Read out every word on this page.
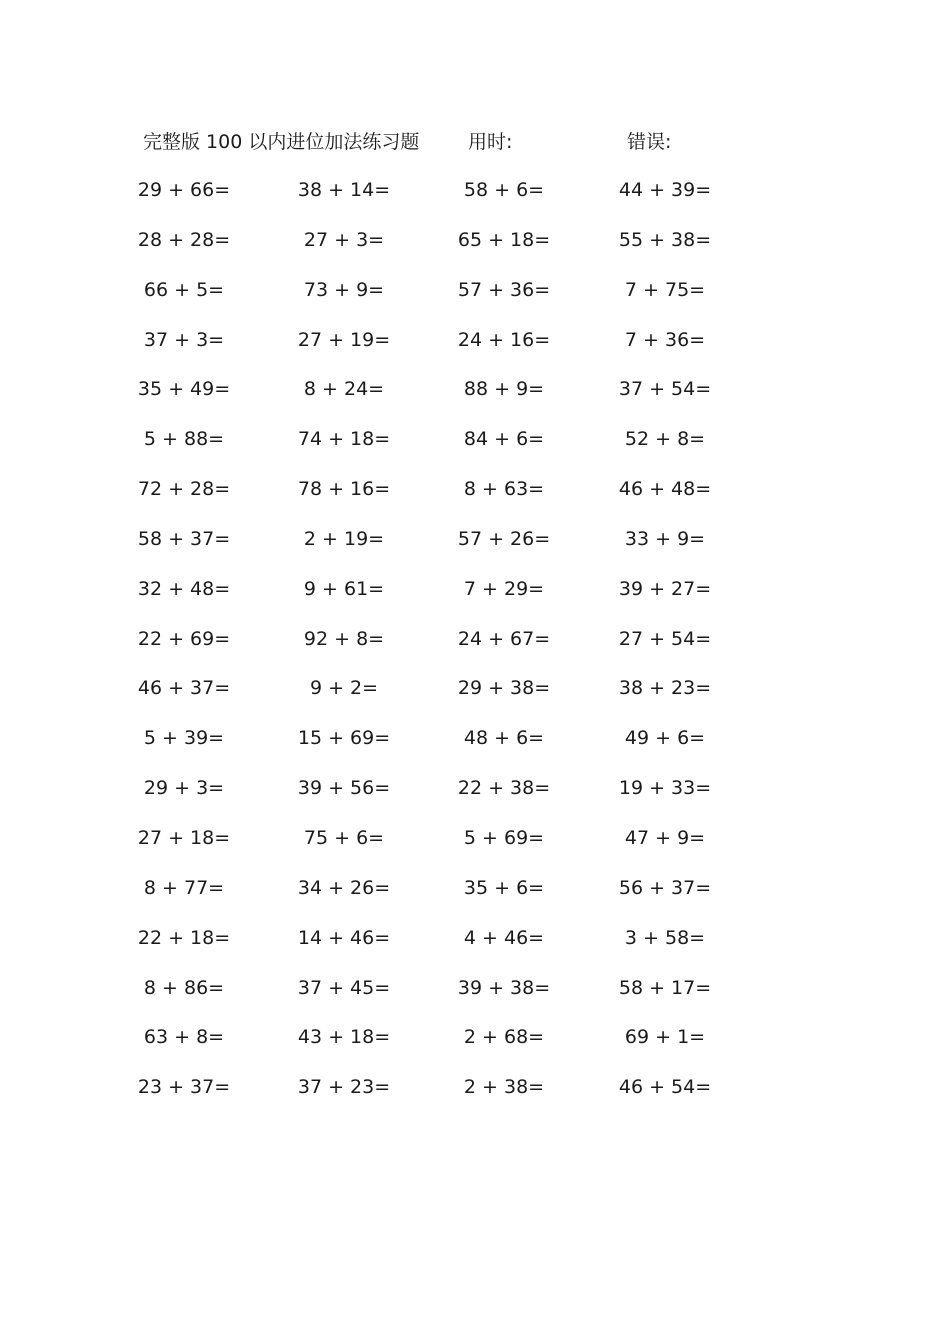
完整版 100 以内进位加法练习题	用时:	错误:
29 + 66=	38 + 14=	58 + 6=	44 + 39=
28 + 28=	27 + 3=	65 + 18=	55 + 38=
66 + 5=	73 + 9=	57 + 36=	7 + 75=
37 + 3=	27 + 19=	24 + 16=	7 + 36=
35 + 49=	8 + 24=	88 + 9=	37 + 54=
5 + 88=	74 + 18=	84 + 6=	52 + 8=
72 + 28=	78 + 16=	8 + 63=	46 + 48=
58 + 37=	2 + 19=	57 + 26=	33 + 9=
32 + 48=	9 + 61=	7 + 29=	39 + 27=
22 + 69=	92 + 8=	24 + 67=	27 + 54=
46 + 37=	9 + 2=	29 + 38=	38 + 23=
5 + 39=	15 + 69=	48 + 6=	49 + 6=
29 + 3=	39 + 56=	22 + 38=	19 + 33=
27 + 18=	75 + 6=	5 + 69=	47 + 9=
8 + 77=	34 + 26=	35 + 6=	56 + 37=
22 + 18=	14 + 46=	4 + 46=	3 + 58=
8 + 86=	37 + 45=	39 + 38=	58 + 17=
63 + 8=	43 + 18=	2 + 68=	69 + 1=
23 + 37=	37 + 23=	2 + 38=	46 + 54=
